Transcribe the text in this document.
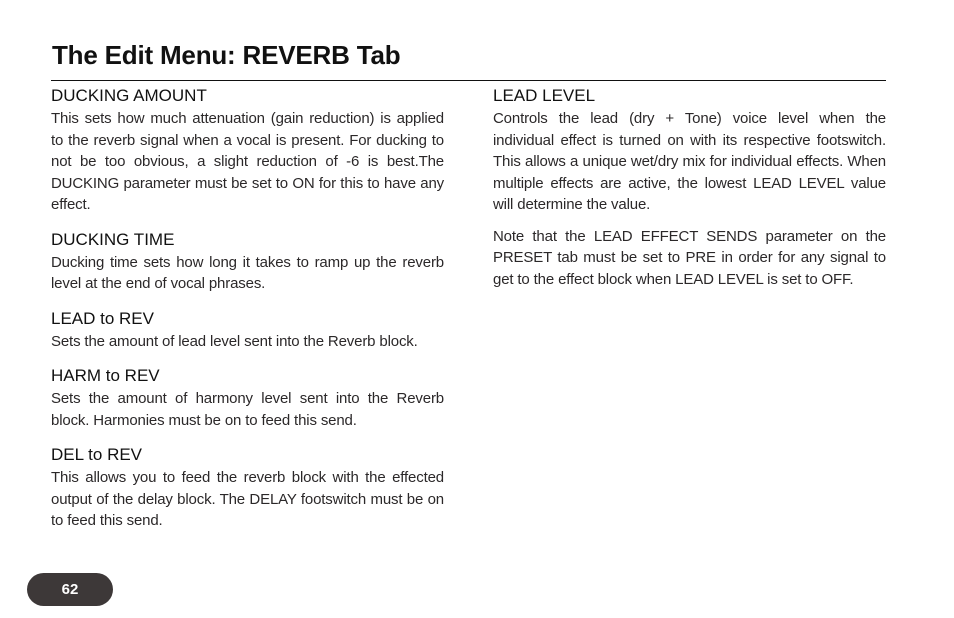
The Edit Menu: REVERB Tab
DUCKING AMOUNT

This sets how much attenuation (gain reduction) is applied to the reverb signal when a vocal is present. For ducking to not be too obvious, a slight reduction of -6 is best.The DUCKING parameter must be set to ON for this to have any effect.

DUCKING TIME

Ducking time sets how long it takes to ramp up the reverb level at the end of vocal phrases.

LEAD to REV

Sets the amount of lead level sent into the Reverb block.

HARM to REV

Sets the amount of harmony level sent into the Reverb block. Harmonies must be on to feed this send.

DEL to REV

This allows you to feed the reverb block with the effected output of the delay block. The DELAY footswitch must be on to feed this send.

LEAD LEVEL

Controls the lead (dry + Tone) voice level when the individual effect is turned on with its respective footswitch. This allows a unique wet/dry mix for individual effects. When multiple effects are active, the lowest LEAD LEVEL value will determine the value.

Note that the LEAD EFFECT SENDS parameter on the PRESET tab must be set to PRE in order for any signal to get to the effect block when LEAD LEVEL is set to OFF.

62
